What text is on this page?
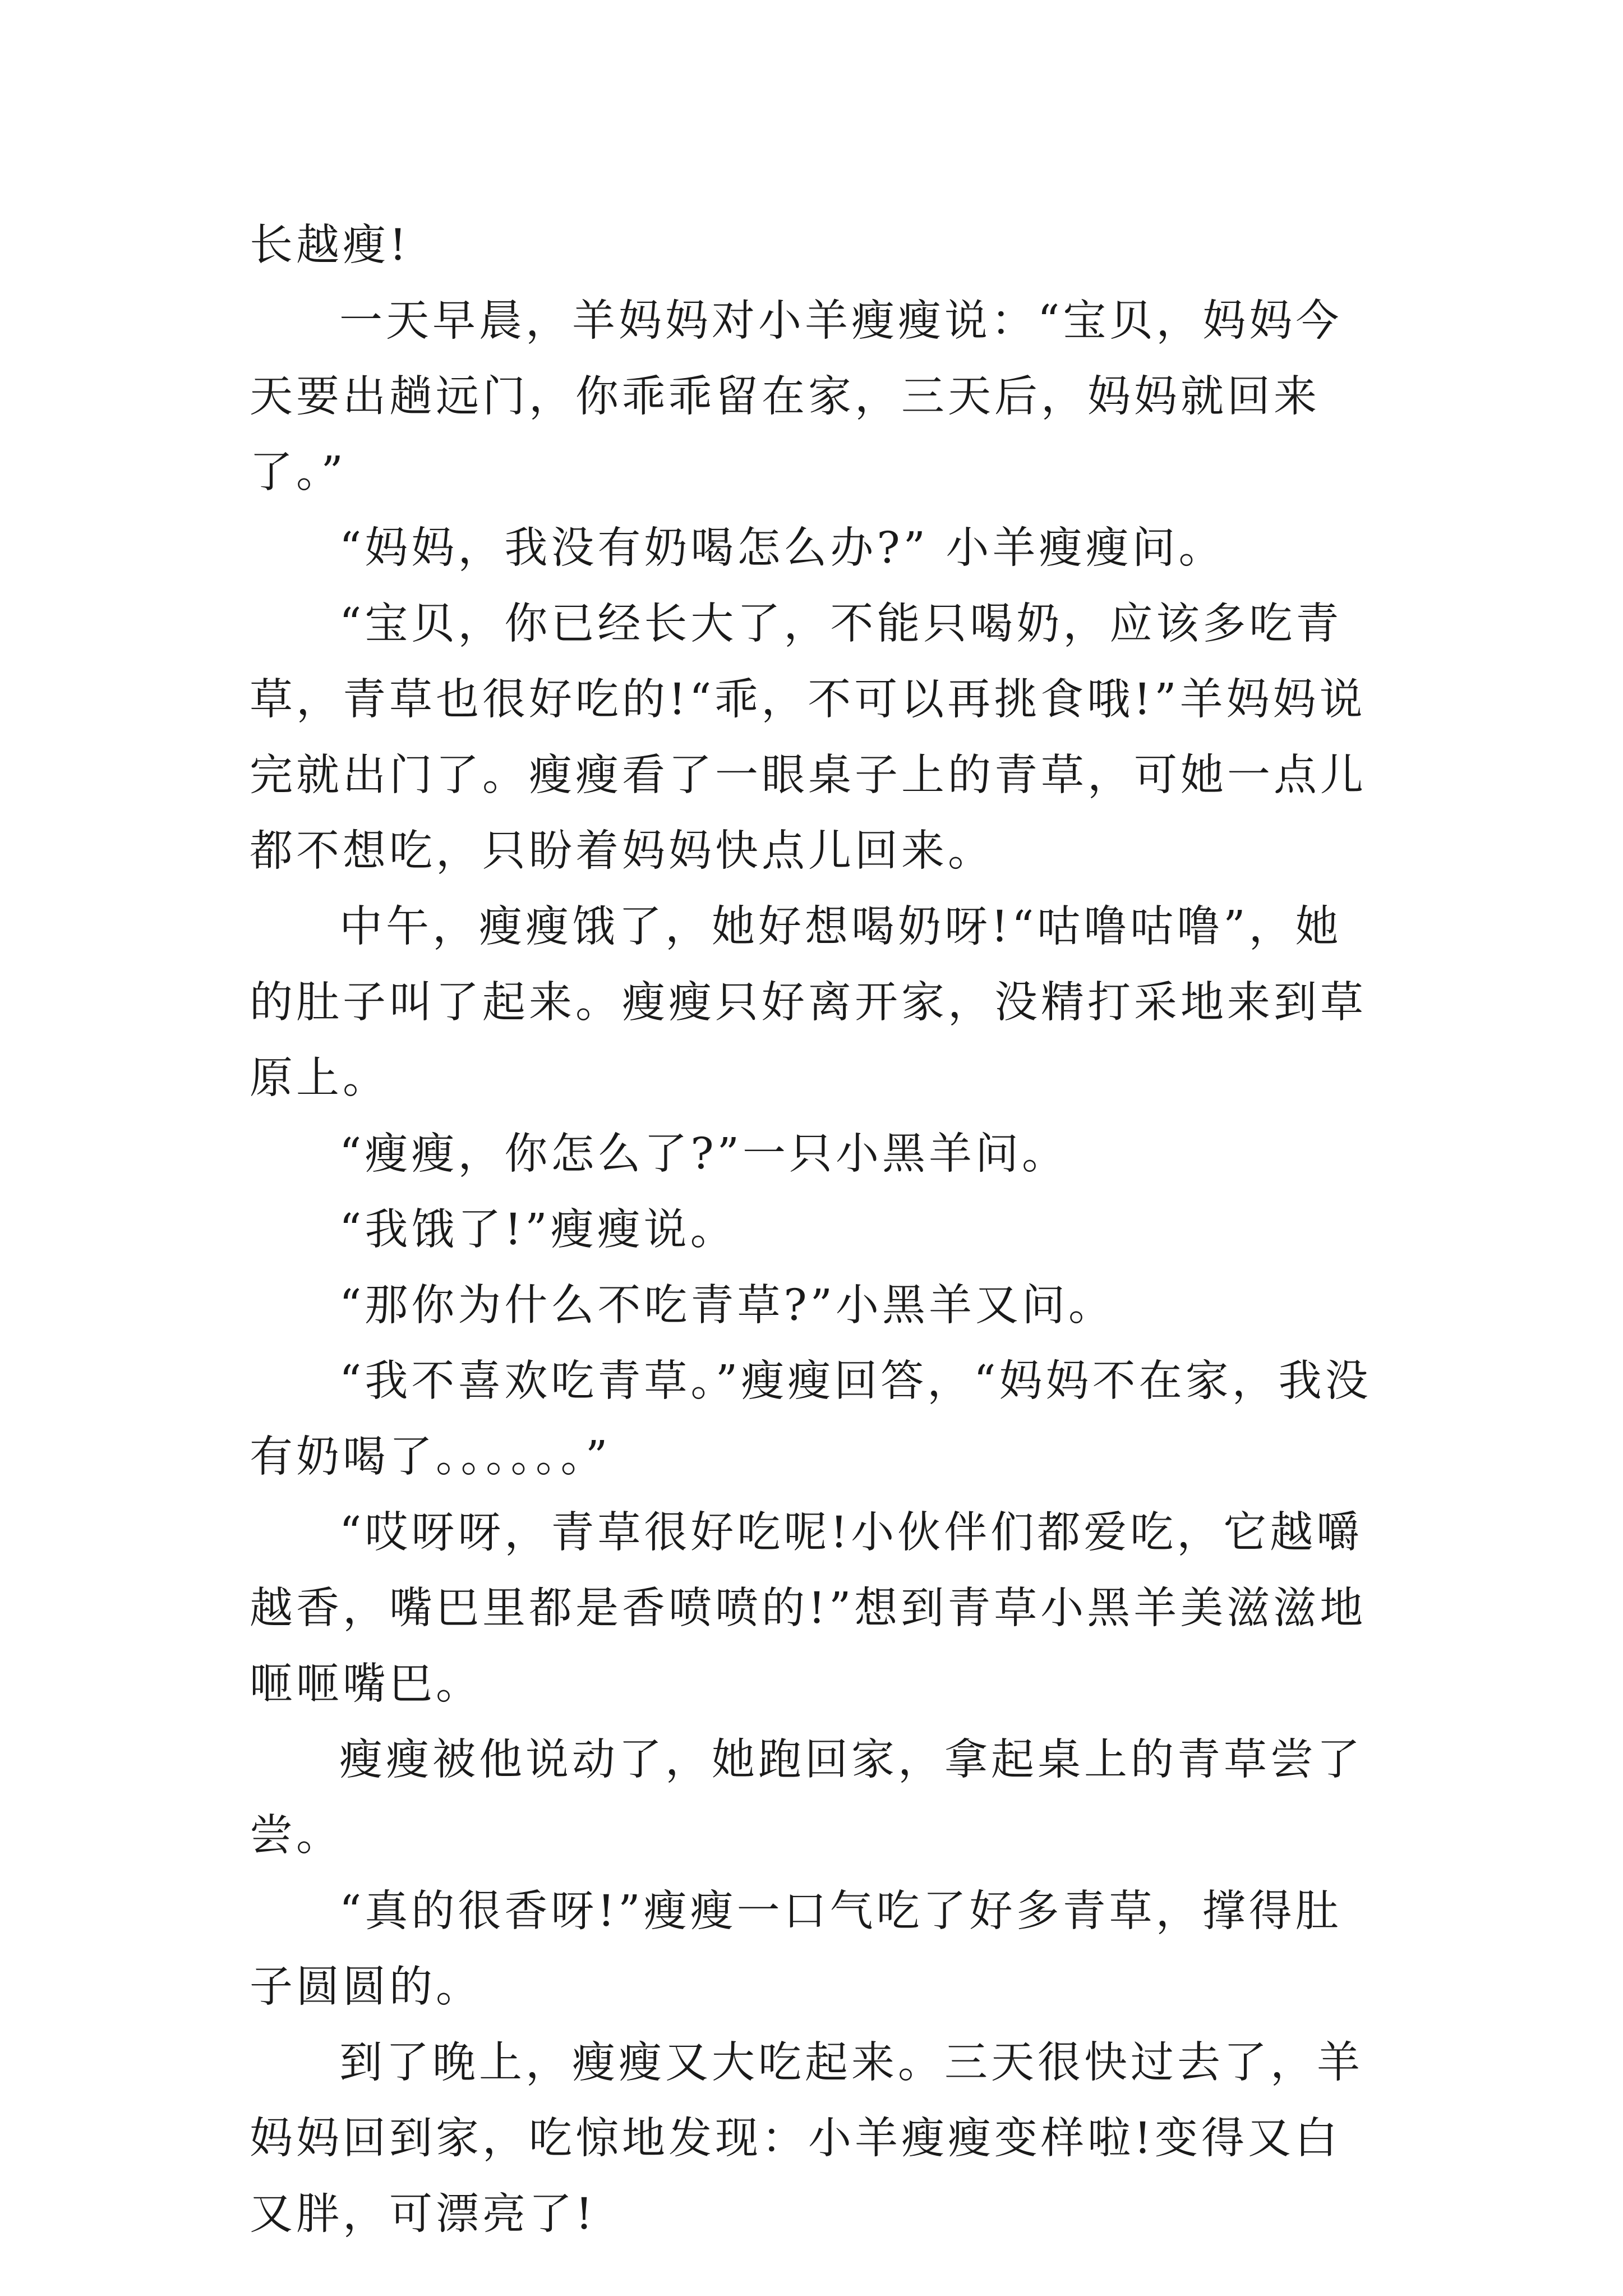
长越瘦!

一天早晨，羊妈妈对小羊瘦瘦说：“宝贝，妈妈今天要出趟远门，你乖乖留在家，三天后，妈妈就回来了。”

“妈妈，我没有奶喝怎么办?” 小羊瘦瘦问。

“宝贝，你已经长大了，不能只喝奶，应该多吃青草，青草也很好吃的!“乖，不可以再挑食哦!”羊妈妈说完就出门了。瘦瘦看了一眼桌子上的青草，可她一点儿都不想吃，只盼着妈妈快点儿回来。

中午，瘦瘦饿了，她好想喝奶呀!“咕噜咕噜”，她的肚子叫了起来。瘦瘦只好离开家，没精打采地来到草原上。

“瘦瘦，你怎么了?”一只小黑羊问。

“我饿了!”瘦瘦说。

“那你为什么不吃青草?”小黑羊又问。

“我不喜欢吃青草。”瘦瘦回答，“妈妈不在家，我没有奶喝了。。。。。。”

“哎呀呀，青草很好吃呢!小伙伴们都爱吃，它越嚼越香，嘴巴里都是香喷喷的!”想到青草小黑羊美滋滋地咂咂嘴巴。

瘦瘦被他说动了，她跑回家，拿起桌上的青草尝了尝。

“真的很香呀!”瘦瘦一口气吃了好多青草，撑得肚子圆圆的。

到了晚上，瘦瘦又大吃起来。三天很快过去了，羊妈妈回到家，吃惊地发现：小羊瘦瘦变样啦!变得又白又胖，可漂亮了!
